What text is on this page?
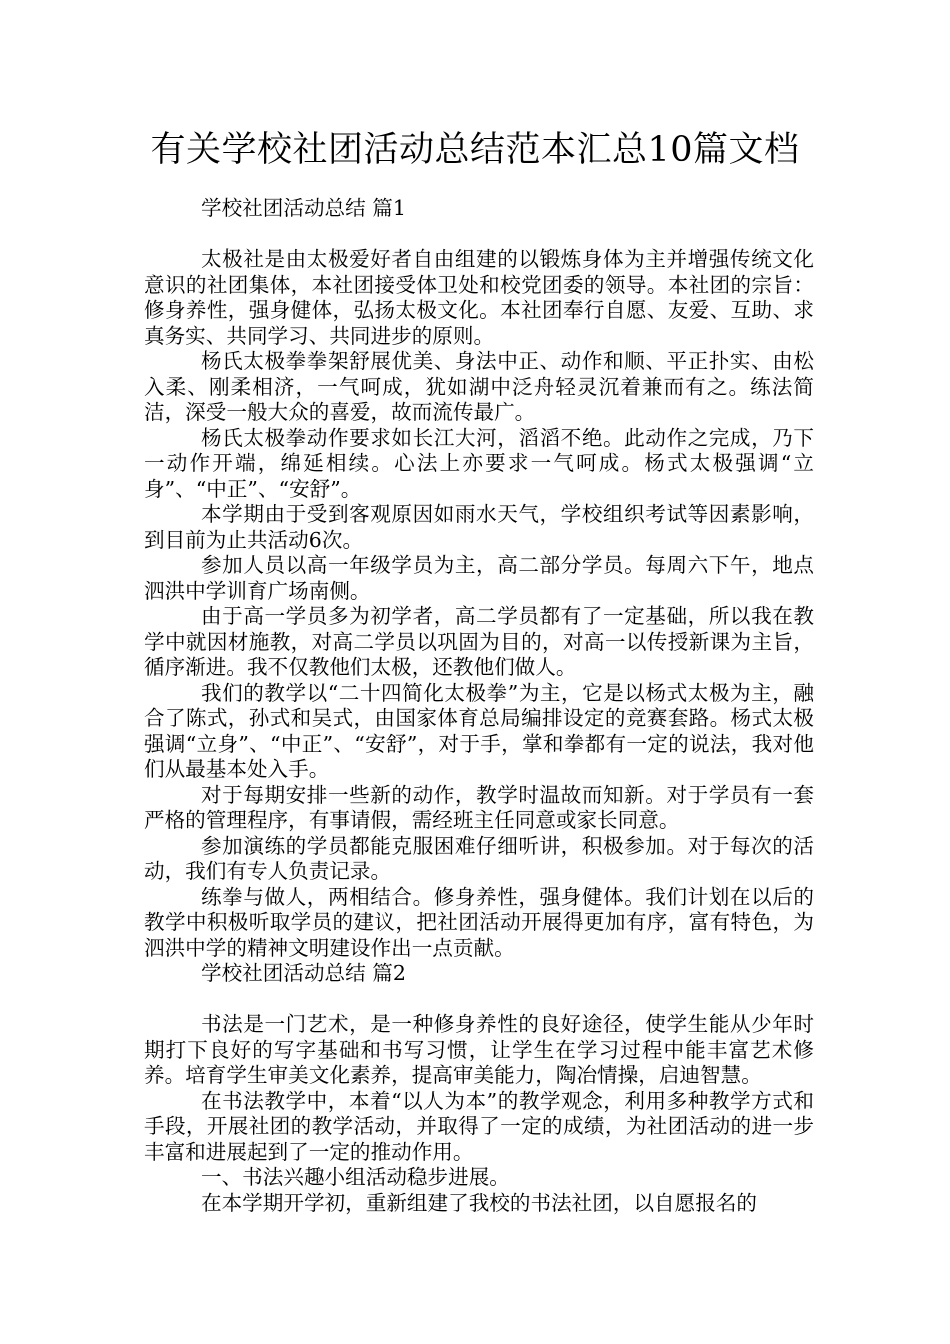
有关学校社团活动总结范本汇总10篇文档
学校社团活动总结 篇1

太极社是由太极爱好者自由组建的以锻炼身体为主并增强传统文化意识的社团集体，本社团接受体卫处和校党团委的领导。本社团的宗旨：修身养性，强身健体，弘扬太极文化。本社团奉行自愿、友爱、互助、求真务实、共同学习、共同进步的原则。

杨氏太极拳拳架舒展优美、身法中正、动作和顺、平正扑实、由松入柔、刚柔相济，一气呵成，犹如湖中泛舟轻灵沉着兼而有之。练法简洁，深受一般大众的喜爱，故而流传最广。

杨氏太极拳动作要求如长江大河，滔滔不绝。此动作之完成，乃下一动作开端，绵延相续。心法上亦要求一气呵成。杨式太极强调“立身”、“中正”、“安舒”。

本学期由于受到客观原因如雨水天气，学校组织考试等因素影响，到目前为止共活动6次。

参加人员以高一年级学员为主，高二部分学员。每周六下午，地点泗洪中学训育广场南侧。

由于高一学员多为初学者，高二学员都有了一定基础，所以我在教学中就因材施教，对高二学员以巩固为目的，对高一以传授新课为主旨，循序渐进。我不仅教他们太极，还教他们做人。

我们的教学以“二十四简化太极拳”为主，它是以杨式太极为主，融合了陈式，孙式和吴式，由国家体育总局编排设定的竞赛套路。杨式太极强调“立身”、“中正”、“安舒”，对于手，掌和拳都有一定的说法，我对他们从最基本处入手。

对于每期安排一些新的动作，教学时温故而知新。对于学员有一套严格的管理程序，有事请假，需经班主任同意或家长同意。

参加演练的学员都能克服困难仔细听讲，积极参加。对于每次的活动，我们有专人负责记录。

练拳与做人，两相结合。修身养性，强身健体。我们计划在以后的教学中积极听取学员的建议，把社团活动开展得更加有序，富有特色，为泗洪中学的精神文明建设作出一点贡献。

学校社团活动总结 篇2

书法是一门艺术，是一种修身养性的良好途径，使学生能从少年时期打下良好的写字基础和书写习惯，让学生在学习过程中能丰富艺术修养。培育学生审美文化素养，提高审美能力，陶冶情操，启迪智慧。

在书法教学中，本着“以人为本”的教学观念，利用多种教学方式和手段，开展社团的教学活动，并取得了一定的成绩，为社团活动的进一步丰富和进展起到了一定的推动作用。

一、书法兴趣小组活动稳步进展。

在本学期开学初，重新组建了我校的书法社团，以自愿报名的
